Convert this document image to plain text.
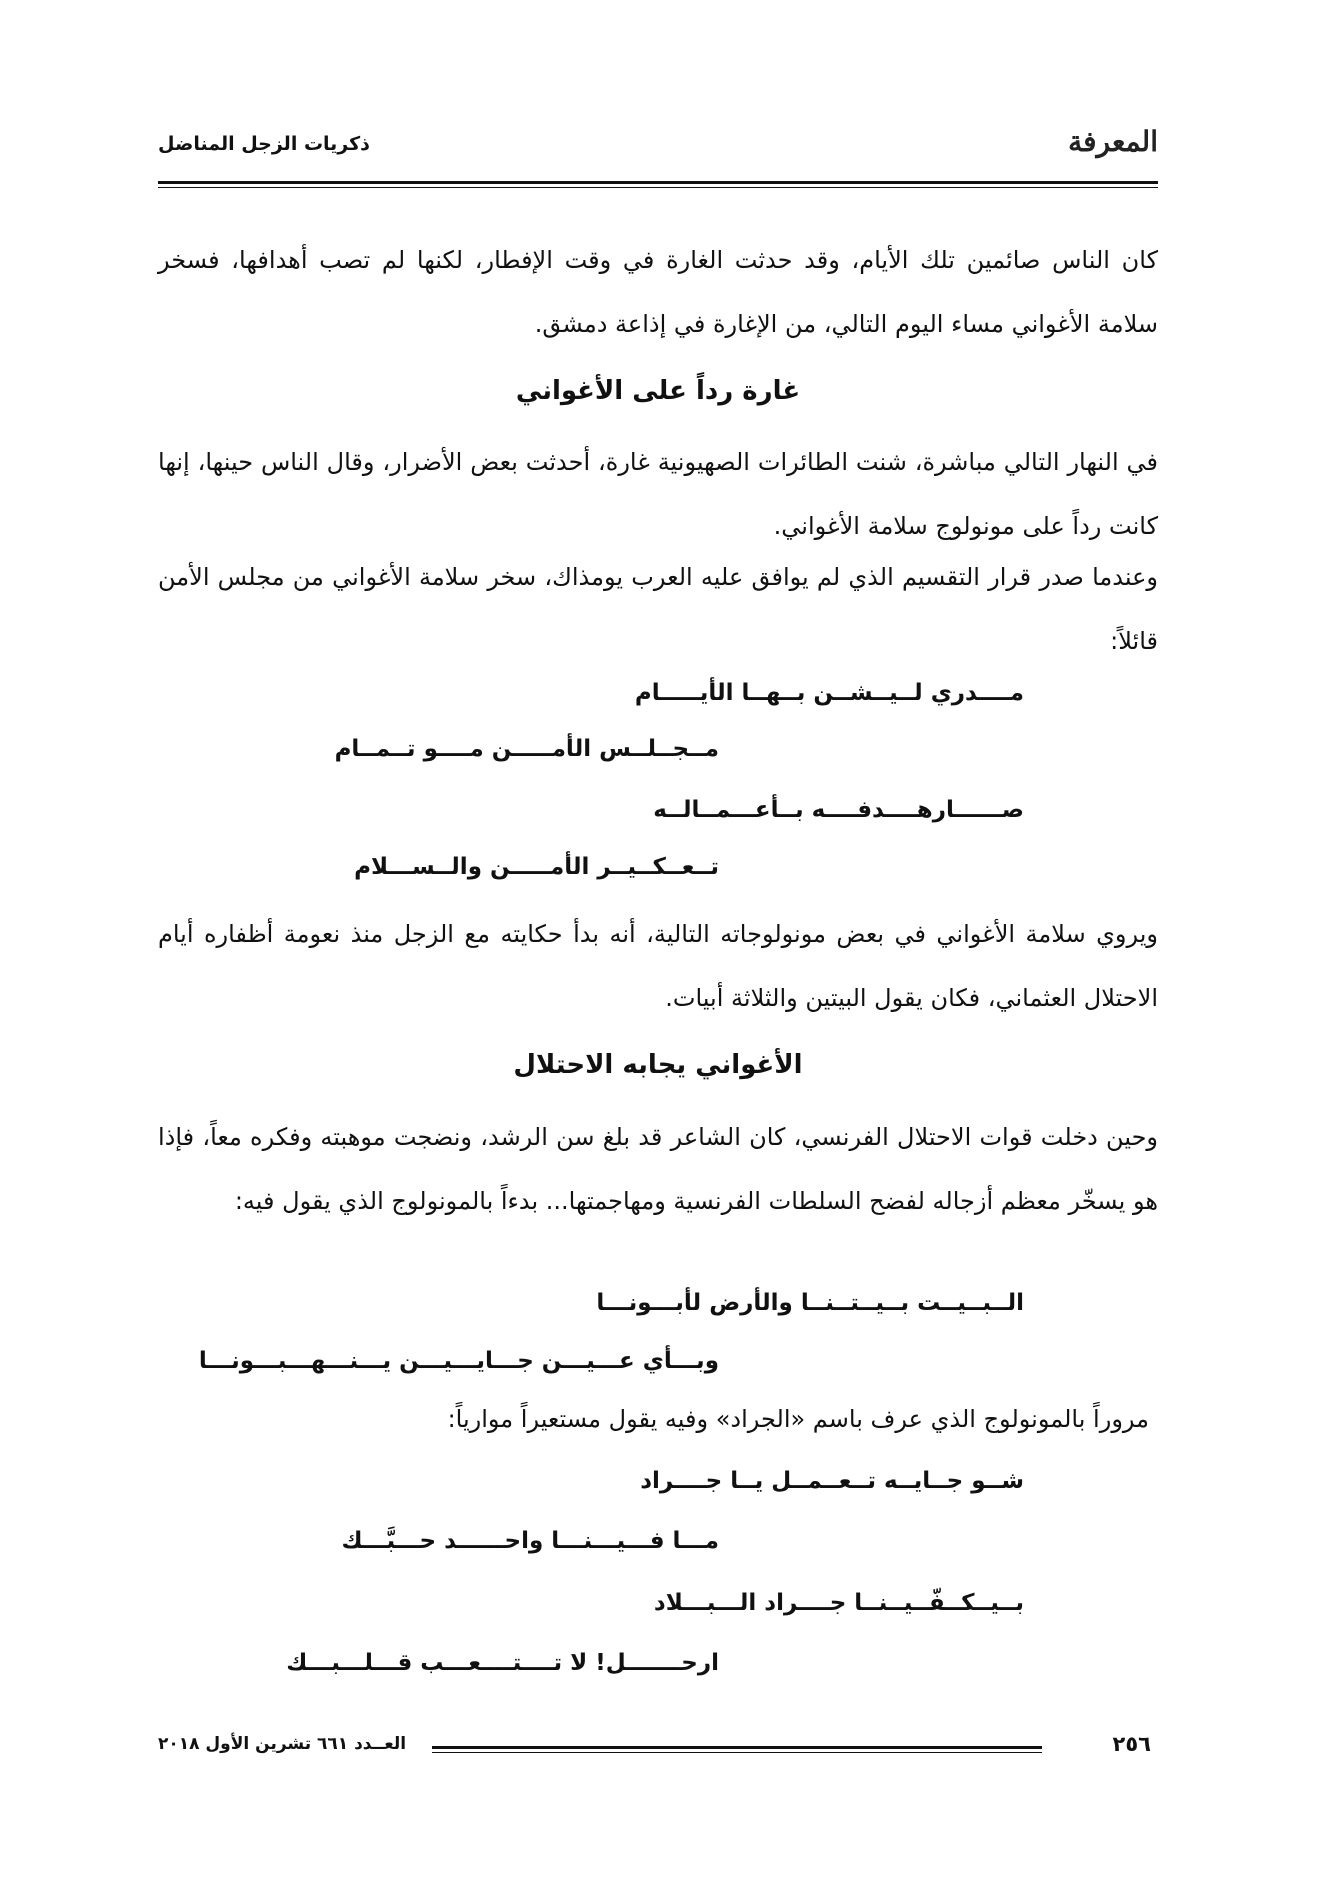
المعرفة
ذكريات الزجل المناضل
كان الناس صائمين تلك الأيام، وقد حدثت الغارة في وقت الإفطار، لكنها لم تصب أهدافها، فسخر سلامة الأغواني مساء اليوم التالي، من الإغارة في إذاعة دمشق.
غارة رداً على الأغواني
في النهار التالي مباشرة، شنت الطائرات الصهيونية غارة، أحدثت بعض الأضرار، وقال الناس حينها، إنها كانت رداً على مونولوج سلامة الأغواني.
وعندما صدر قرار التقسيم الذي لم يوافق عليه العرب يومذاك، سخر سلامة الأغواني من مجلس الأمن قائلاً:
مــــدري لــيــشــن بــهــا الأيـــــام
مــجــلــس الأمـــــن مــــو تــمــام
صــــــارهــــدفــــه بــأعـــمــالــه
تــعــكــيــر الأمـــــن والــســـلام
ويروي سلامة الأغواني في بعض مونولوجاته التالية، أنه بدأ حكايته مع الزجل منذ نعومة أظفاره أيام الاحتلال العثماني، فكان يقول البيتين والثلاثة أبيات.
الأغواني يجابه الاحتلال
وحين دخلت قوات الاحتلال الفرنسي، كان الشاعر قد بلغ سن الرشد، ونضجت موهبته وفكره معاً، فإذا هو يسخّر معظم أزجاله لفضح السلطات الفرنسية ومهاجمتها... بدءاً بالمونولوج الذي يقول فيه:
الــبــيــت بــيــتــنــا والأرض لأبـــونـــا
وبـــأي عـــيـــن جـــايـــيـــن يـــنـــهـــبـــونـــا
مروراً بالمونولوج الذي عرف باسم «الجراد» وفيه يقول مستعيراً موارياً:
شــو جــايــه تــعــمــل يــا جــــراد
مـــا فـــيـــنـــا واحــــــد حـــبَّـــك
بــيــكــفّــيــنــا جــــراد الـــبـــلاد
ارحـــــــل! لا تــــتــــعـــب قـــلـــبـــك
٢٥٦
العــدد ٦٦١ تشرين الأول ٢٠١٨
